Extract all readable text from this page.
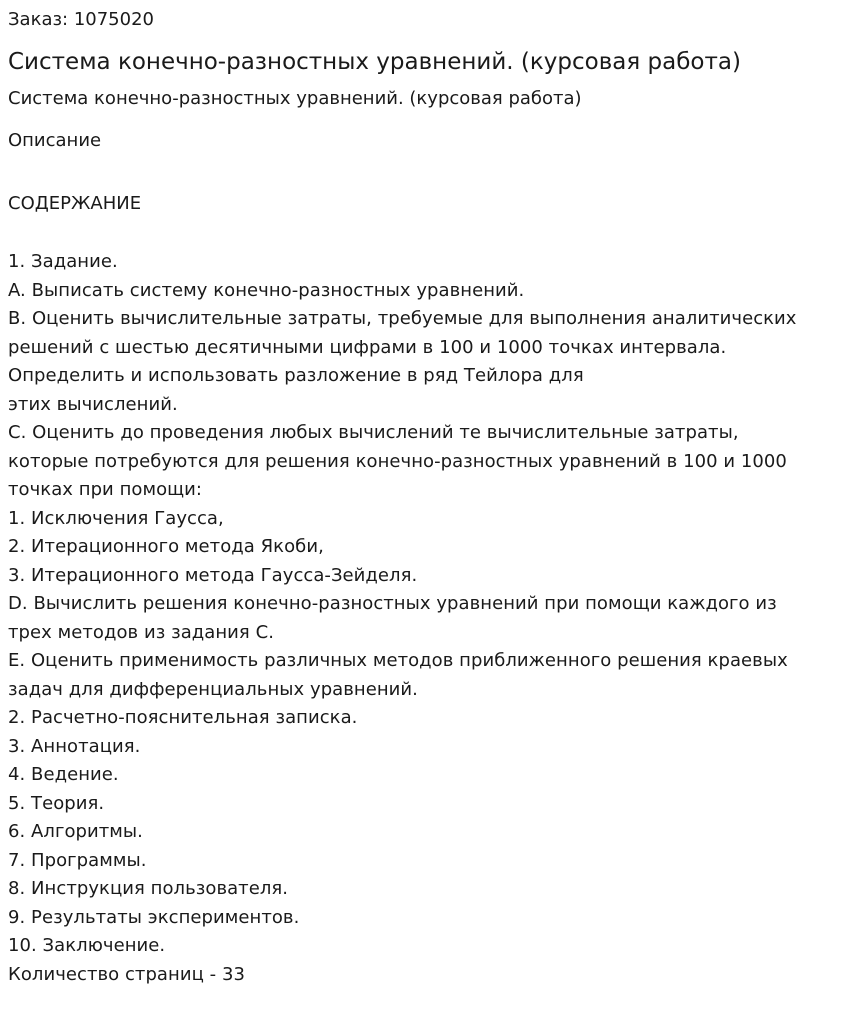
Заказ: 1075020
Система конечно-разностных уравнений. (курсовая работа)
Система конечно-разностных уравнений. (курсовая работа)
Описание
СОДЕРЖАНИЕ
1. Задание.
A. Выписать систему конечно-разностных уравнений.
B. Оценить вычислительные затраты, требуемые для выполнения аналитических
решений с шестью десятичными цифрами в 100 и 1000 точках интервала.
Определить и использовать разложение в ряд Тейлора для
этих вычислений.
C. Оценить до проведения любых вычислений те вычислительные затраты,
которые потребуются для решения конечно-разностных уравнений в 100 и 1000
точках при помощи:
1. Исключения Гаусса,
2. Итерационного метода Якоби,
3. Итерационного метода Гаусса-Зейделя.
D. Вычислить решения конечно-разностных уравнений при помощи каждого из
трех методов из задания C.
E. Оценить применимость различных методов приближенного решения краевых
задач для дифференциальных уравнений.
2. Расчетно-пояснительная записка.
3. Аннотация.
4. Ведение.
5. Теория.
6. Алгоритмы.
7. Программы.
8. Инструкция пользователя.
9. Результаты экспериментов.
10. Заключение.
Количество страниц - 33
